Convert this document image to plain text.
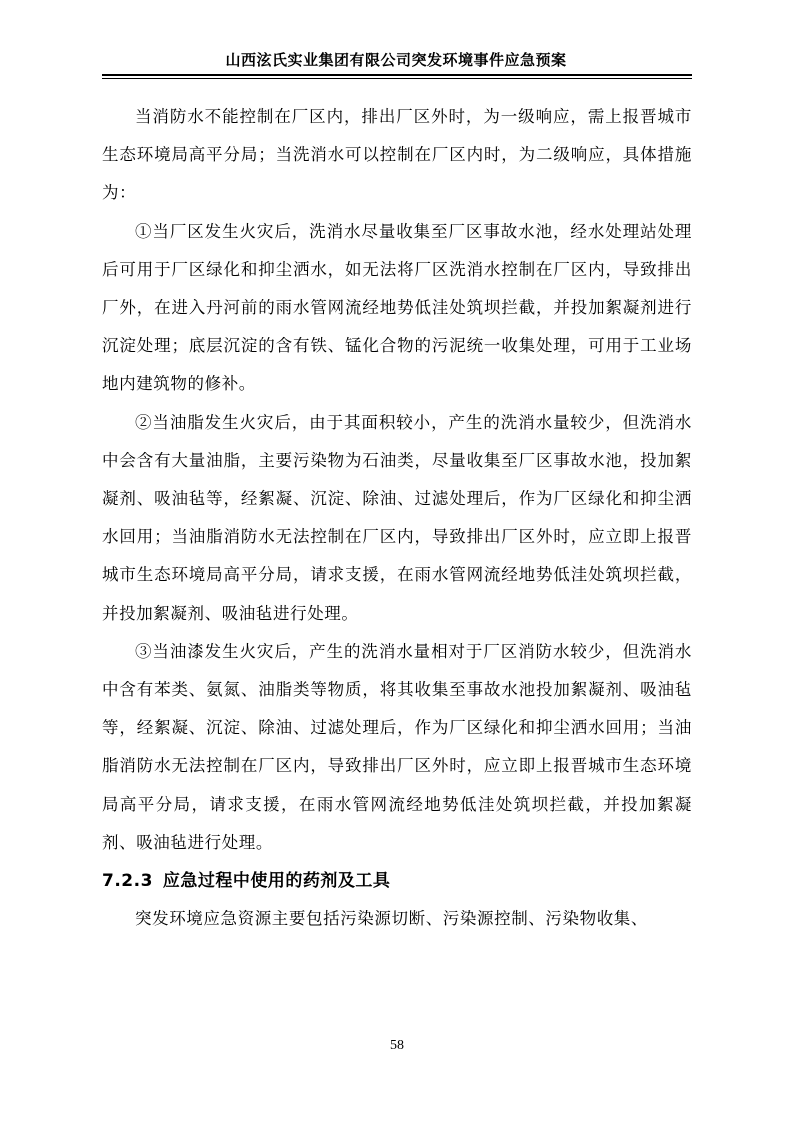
山西泫氏实业集团有限公司突发环境事件应急预案

当消防水不能控制在厂区内，排出厂区外时，为一级响应，需上报晋城市生态环境局高平分局；当洗消水可以控制在厂区内时，为二级响应，具体措施为：

①当厂区发生火灾后，洗消水尽量收集至厂区事故水池，经水处理站处理后可用于厂区绿化和抑尘洒水，如无法将厂区洗消水控制在厂区内，导致排出厂外，在进入丹河前的雨水管网流经地势低洼处筑坝拦截，并投加絮凝剂进行沉淀处理；底层沉淀的含有铁、锰化合物的污泥统一收集处理，可用于工业场地内建筑物的修补。

②当油脂发生火灾后，由于其面积较小，产生的洗消水量较少，但洗消水中会含有大量油脂，主要污染物为石油类，尽量收集至厂区事故水池，投加絮凝剂、吸油毡等，经絮凝、沉淀、除油、过滤处理后，作为厂区绿化和抑尘洒水回用；当油脂消防水无法控制在厂区内，导致排出厂区外时，应立即上报晋城市生态环境局高平分局，请求支援，在雨水管网流经地势低洼处筑坝拦截，并投加絮凝剂、吸油毡进行处理。

③当油漆发生火灾后，产生的洗消水量相对于厂区消防水较少，但洗消水中含有苯类、氨氮、油脂类等物质，将其收集至事故水池投加絮凝剂、吸油毡等，经絮凝、沉淀、除油、过滤处理后，作为厂区绿化和抑尘洒水回用；当油脂消防水无法控制在厂区内，导致排出厂区外时，应立即上报晋城市生态环境局高平分局，请求支援，在雨水管网流经地势低洼处筑坝拦截，并投加絮凝剂、吸油毡进行处理。

7.2.3 应急过程中使用的药剂及工具

突发环境应急资源主要包括污染源切断、污染源控制、污染物收集、

58
